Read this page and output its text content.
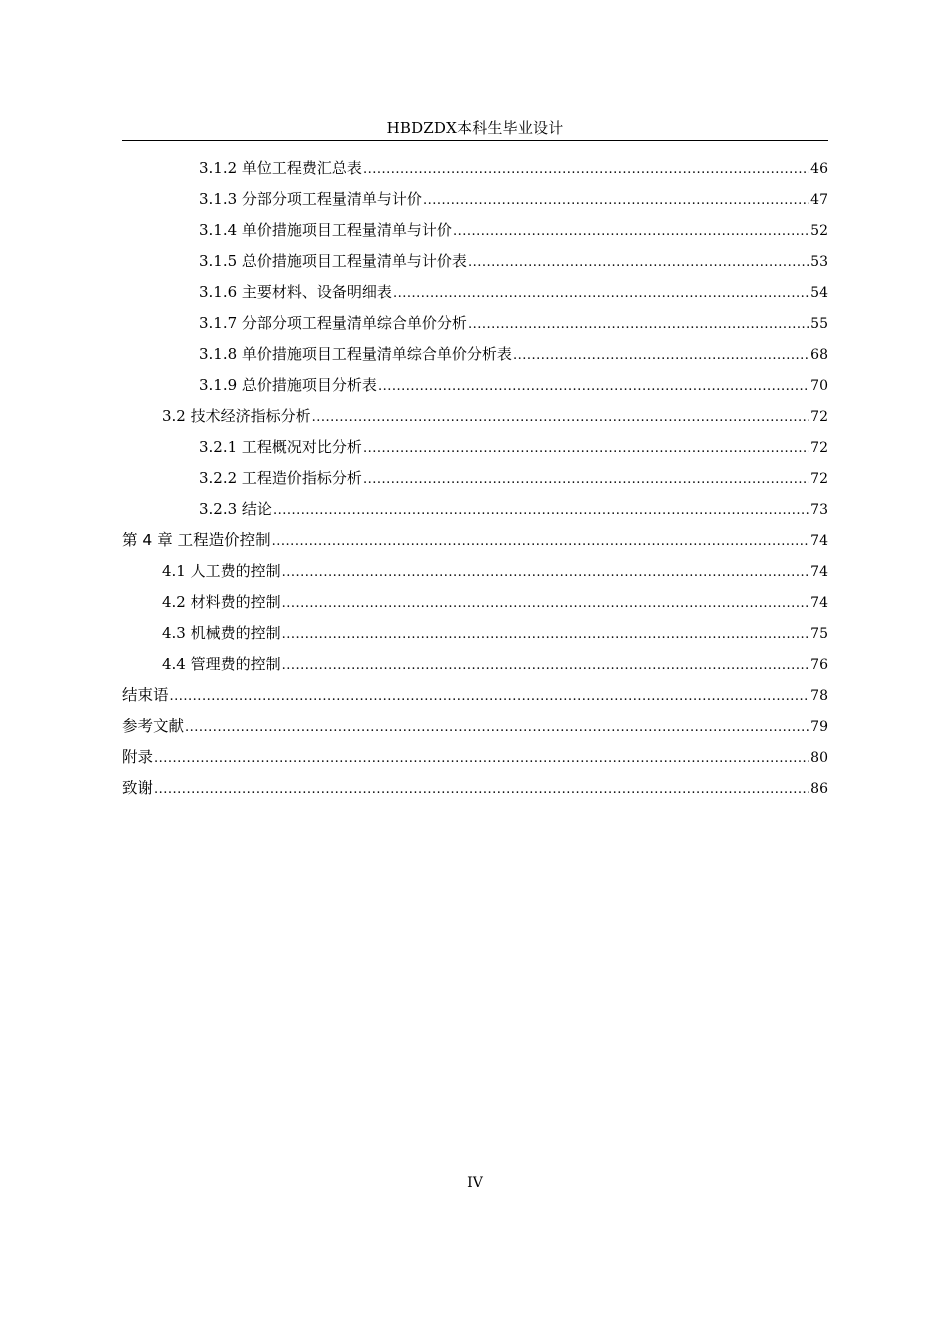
HBDZDX本科生毕业设计
3.1.2 单位工程费汇总表 .....	46
3.1.3 分部分项工程量清单与计价 .....	47
3.1.4 单价措施项目工程量清单与计价 .....	52
3.1.5 总价措施项目工程量清单与计价表 .....	53
3.1.6 主要材料、设备明细表 .....	54
3.1.7 分部分项工程量清单综合单价分析 .....	55
3.1.8 单价措施项目工程量清单综合单价分析表 .....	68
3.1.9 总价措施项目分析表 .....	70
3.2 技术经济指标分析 .....	72
3.2.1 工程概况对比分析 .....	72
3.2.2 工程造价指标分析 .....	72
3.2.3 结论 .....	73
第 4 章 工程造价控制 .....	74
4.1 人工费的控制 .....	74
4.2 材料费的控制 .....	74
4.3 机械费的控制 .....	75
4.4 管理费的控制 .....	76
结束语 .....	78
参考文献 .....	79
附录 .....	80
致谢 .....	86
IV
